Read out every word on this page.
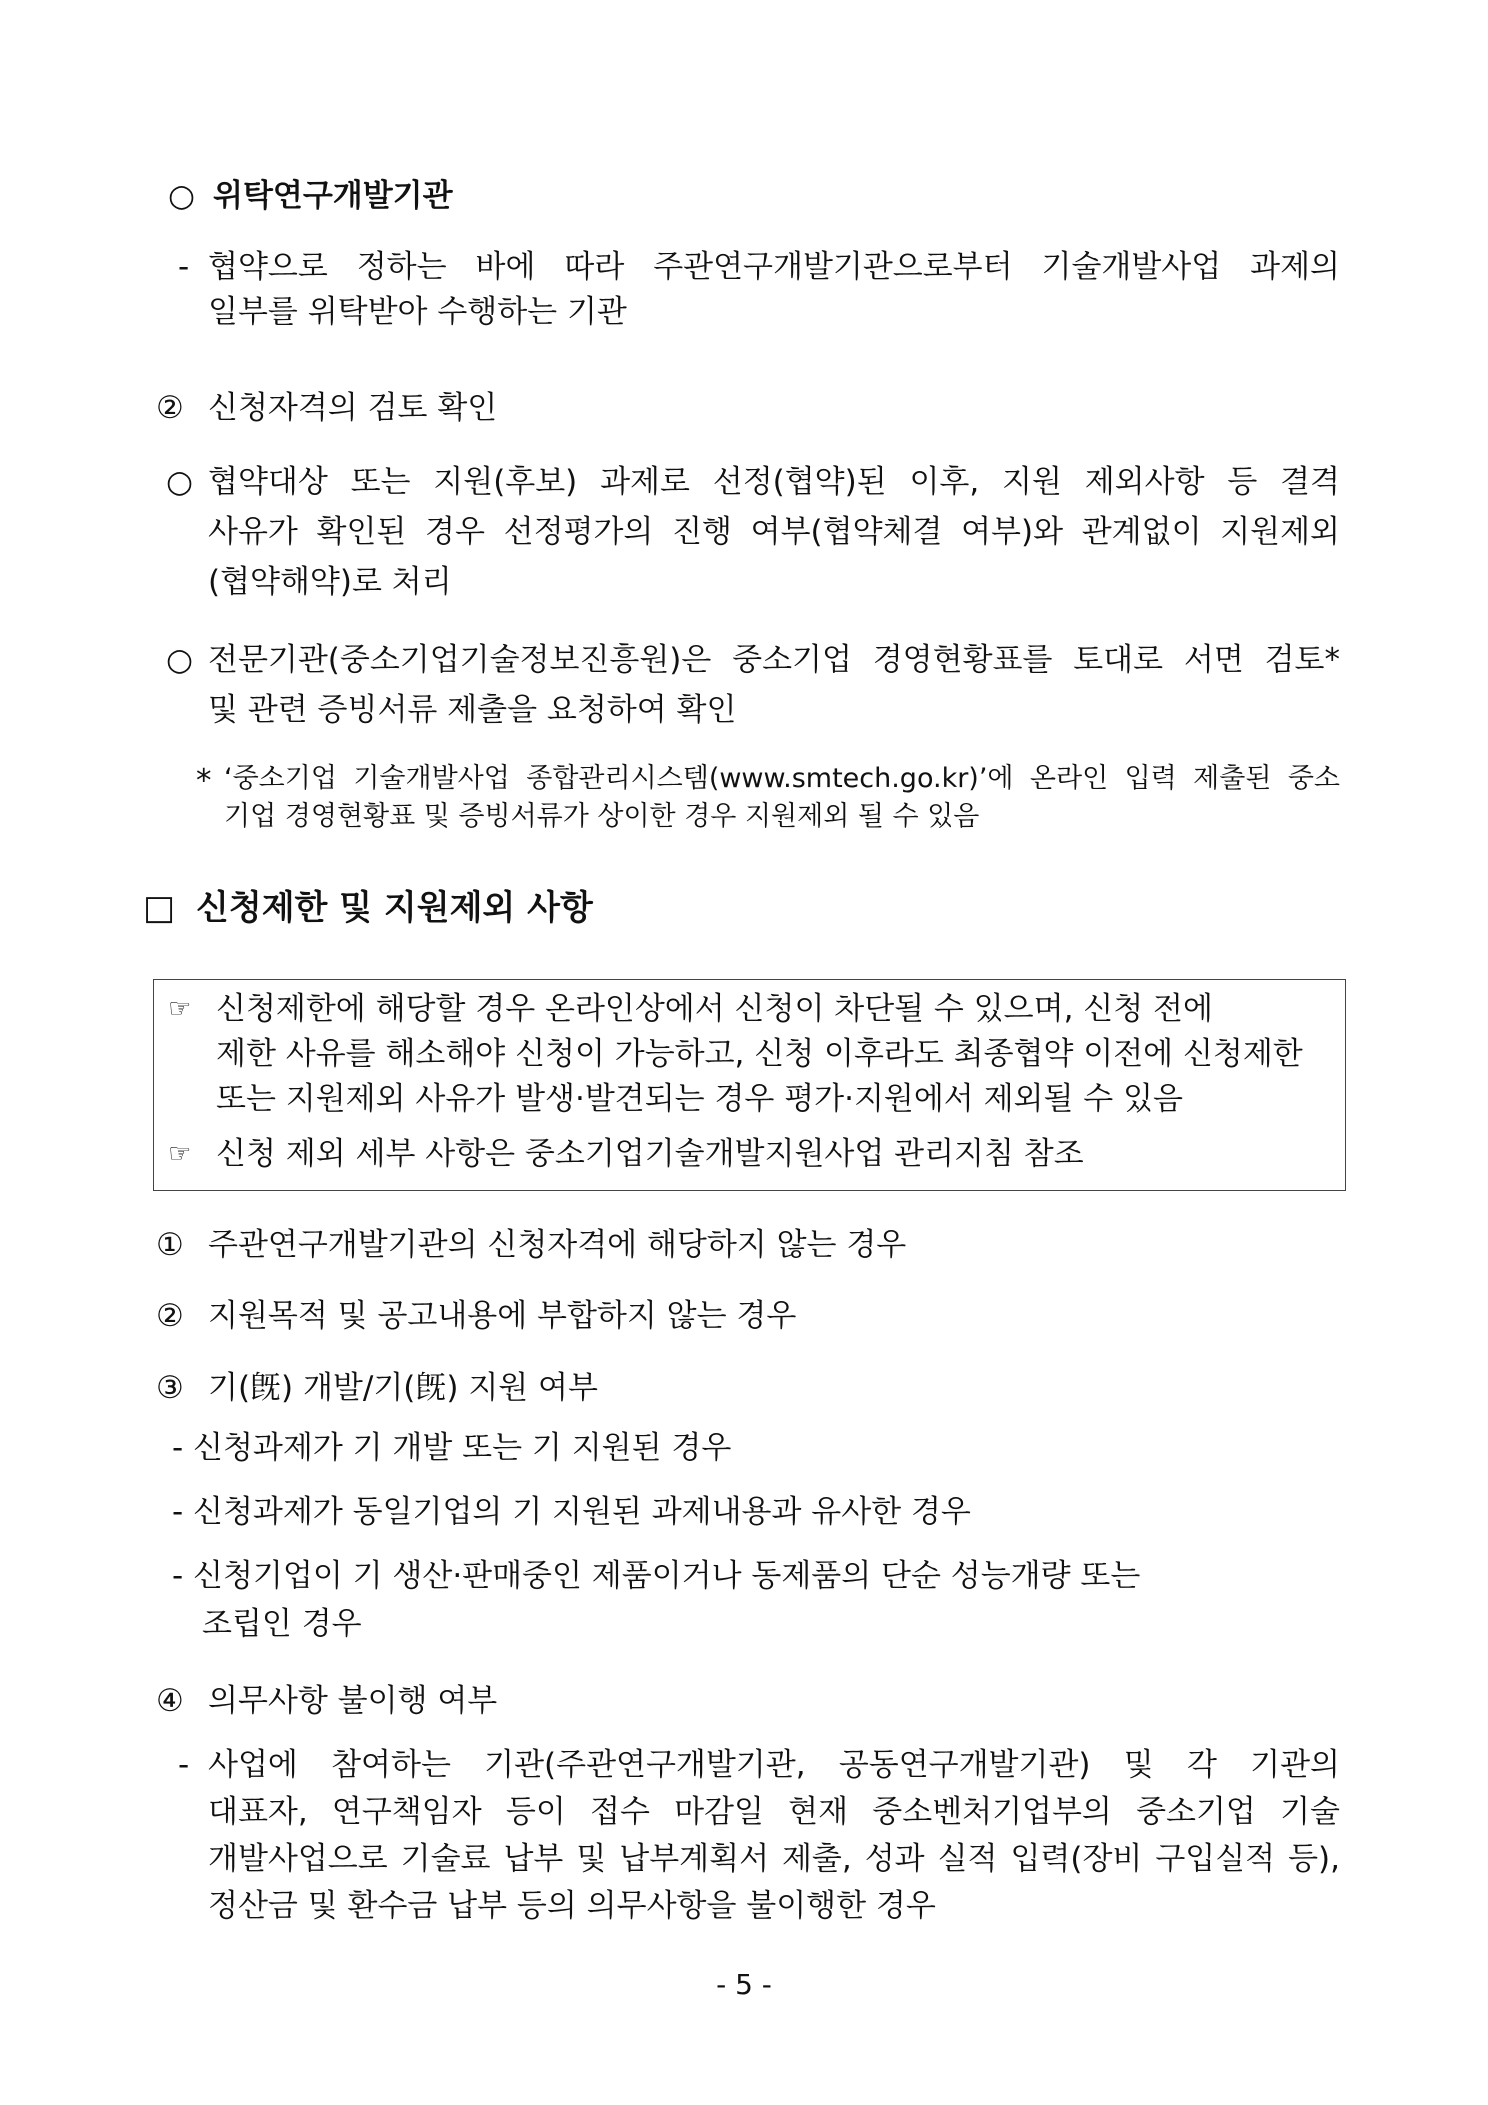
○ 위탁연구개발기관
- 협약으로 정하는 바에 따라 주관연구개발기관으로부터 기술개발사업 과제의
일부를 위탁받아 수행하는 기관
② 신청자격의 검토 확인
○ 협약대상 또는 지원(후보) 과제로 선정(협약)된 이후, 지원 제외사항 등 결격
사유가 확인된 경우 선정평가의 진행 여부(협약체결 여부)와 관계없이 지원제외
(협약해약)로 처리
○ 전문기관(중소기업기술정보진흥원)은 중소기업 경영현황표를 토대로 서면 검토*
및 관련 증빙서류 제출을 요청하여 확인
* ‘중소기업 기술개발사업 종합관리시스템(www.smtech.go.kr)’에 온라인 입력 제출된 중소
기업 경영현황표 및 증빙서류가 상이한 경우 지원제외 될 수 있음
□ 신청제한 및 지원제외 사항
☞ 신청제한에 해당할 경우 온라인상에서 신청이 차단될 수 있으며, 신청 전에
제한 사유를 해소해야 신청이 가능하고, 신청 이후라도 최종협약 이전에 신청제한
또는 지원제외 사유가 발생·발견되는 경우 평가·지원에서 제외될 수 있음
☞ 신청 제외 세부 사항은 중소기업기술개발지원사업 관리지침 참조
① 주관연구개발기관의 신청자격에 해당하지 않는 경우
② 지원목적 및 공고내용에 부합하지 않는 경우
③ 기(旣) 개발/기(旣) 지원 여부
- 신청과제가 기 개발 또는 기 지원된 경우
- 신청과제가 동일기업의 기 지원된 과제내용과 유사한 경우
- 신청기업이 기 생산·판매중인 제품이거나 동제품의 단순 성능개량 또는
조립인 경우
④ 의무사항 불이행 여부
- 사업에 참여하는 기관(주관연구개발기관, 공동연구개발기관) 및 각 기관의
대표자, 연구책임자 등이 접수 마감일 현재 중소벤처기업부의 중소기업 기술
개발사업으로 기술료 납부 및 납부계획서 제출, 성과 실적 입력(장비 구입실적 등),
정산금 및 환수금 납부 등의 의무사항을 불이행한 경우
- 5 -
